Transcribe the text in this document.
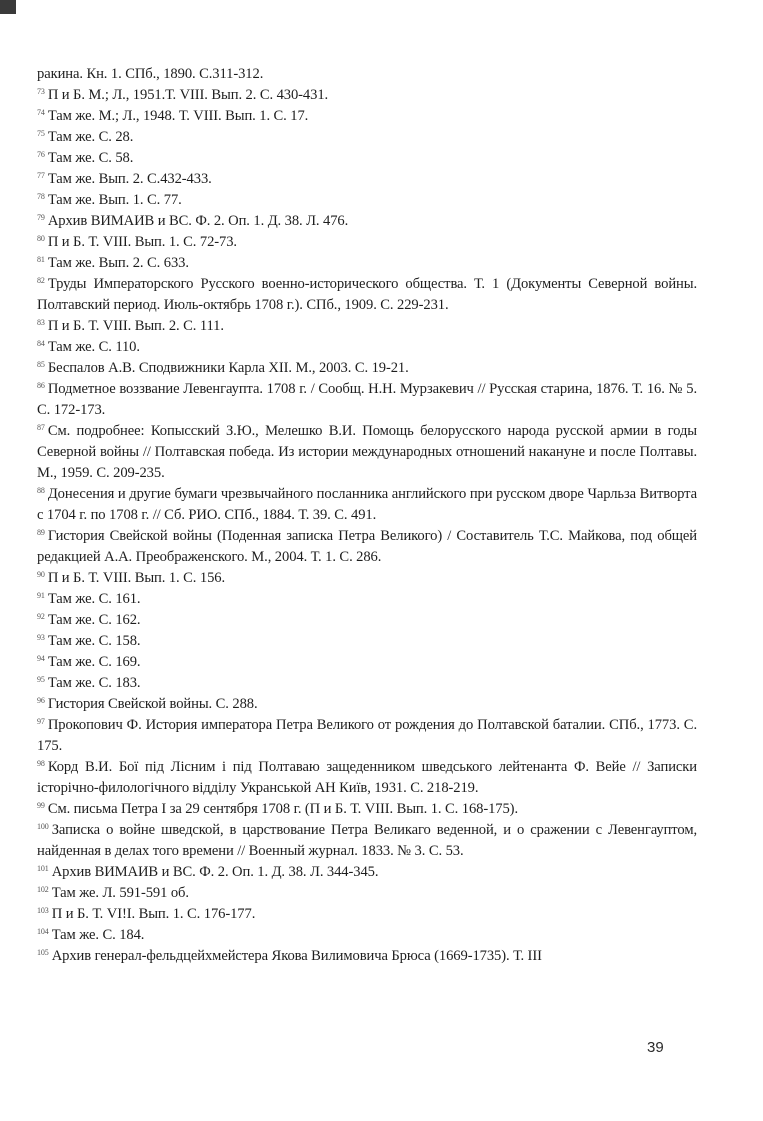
ракина. Кн. 1. СПб., 1890. С.311-312.

$^{73}$ П и Б. М.; Л., 1951.Т. VIII. Вып. 2. С. 430-431.

$^{74}$ Там же. М.; Л., 1948. Т. VIII. Вып. 1. С. 17.

$^{75}$ Там же. С. 28.

$^{76}$ Там же. С. 58.

$^{77}$ Там же. Вып. 2. С.432-433.

$^{78}$ Там же. Вып. 1. С. 77.

$^{79}$ Архив ВИМАИВ и ВС. Ф. 2. Оп. 1. Д. 38. Л. 476.

$^{80}$ П и Б. Т. VIII. Вып. 1. С. 72-73.

$^{81}$ Там же. Вып. 2. С. 633.

$^{82}$ Труды Императорского Русского военно-исторического общества. Т. 1 (Документы Северной войны. Полтавский период. Июль-октябрь 1708 г.). СПб., 1909. С. 229-231.

$^{83}$ П и Б. Т. VIII. Вып. 2. С. 111.

$^{84}$ Там же. С. 110.

$^{85}$ Беспалов А.В. Сподвижники Карла XII. М., 2003. С. 19-21.

$^{86}$ Подметное воззвание Левенгаупта. 1708 г. / Сообщ. Н.Н. Мурзакевич // Русская старина, 1876. Т. 16. № 5. С. 172-173.

$^{87}$ См. подробнее: Копысский З.Ю., Мелешко В.И. Помощь белорусского народа русской армии в годы Северной войны // Полтавская победа. Из истории международных отношений накануне и после Полтавы. М., 1959. С. 209-235.

$^{88}$ Донесения и другие бумаги чрезвычайного посланника английского при русском дворе Чарльза Витворта с 1704 г. по 1708 г. // Сб. РИО. СПб., 1884. Т. 39. С. 491.

$^{89}$ Гистория Свейской войны (Поденная записка Петра Великого) / Составитель Т.С. Майкова, под общей редакцией А.А. Преображенского. М., 2004. Т. 1. С. 286.

$^{90}$ П и Б. Т. VIII. Вып. 1. С. 156.

$^{91}$ Там же. С. 161.

$^{92}$ Там же. С. 162.

$^{93}$ Там же. С. 158.

$^{94}$ Там же. С. 169.

$^{95}$ Там же. С. 183.

$^{96}$ Гистория Свейской войны. С. 288.

$^{97}$ Прокопович Ф. История императора Петра Великого от рождения до Полтавской баталии. СПб., 1773. С. 175.

$^{98}$ Корд В.И. Бої під Лісним і під Полтаваю защеденником шведського лейтенанта Ф. Вейе // Записки історічно-филологічного відділу Укранськой АН Київ, 1931. С. 218-219.

$^{99}$ См. письма Петра I за 29 сентября 1708 г. (П и Б. Т. VIII. Вып. 1. С. 168-175).

$^{100}$ Записка о войне шведской, в царствование Петра Великаго веденной, и о сражении с Левенгауптом, найденная в делах того времени // Военный журнал. 1833. № 3. С. 53.

$^{101}$ Архив ВИМАИВ и ВС. Ф. 2. Оп. 1. Д. 38. Л. 344-345.

$^{102}$ Там же. Л. 591-591 об.

$^{103}$ П и Б. Т. VI!I. Вып. 1. С. 176-177.

$^{104}$ Там же. С. 184.

$^{105}$ Архив генерал-фельдцейхмейстера Якова Вилимовича Брюса (1669-1735). Т. III

39
